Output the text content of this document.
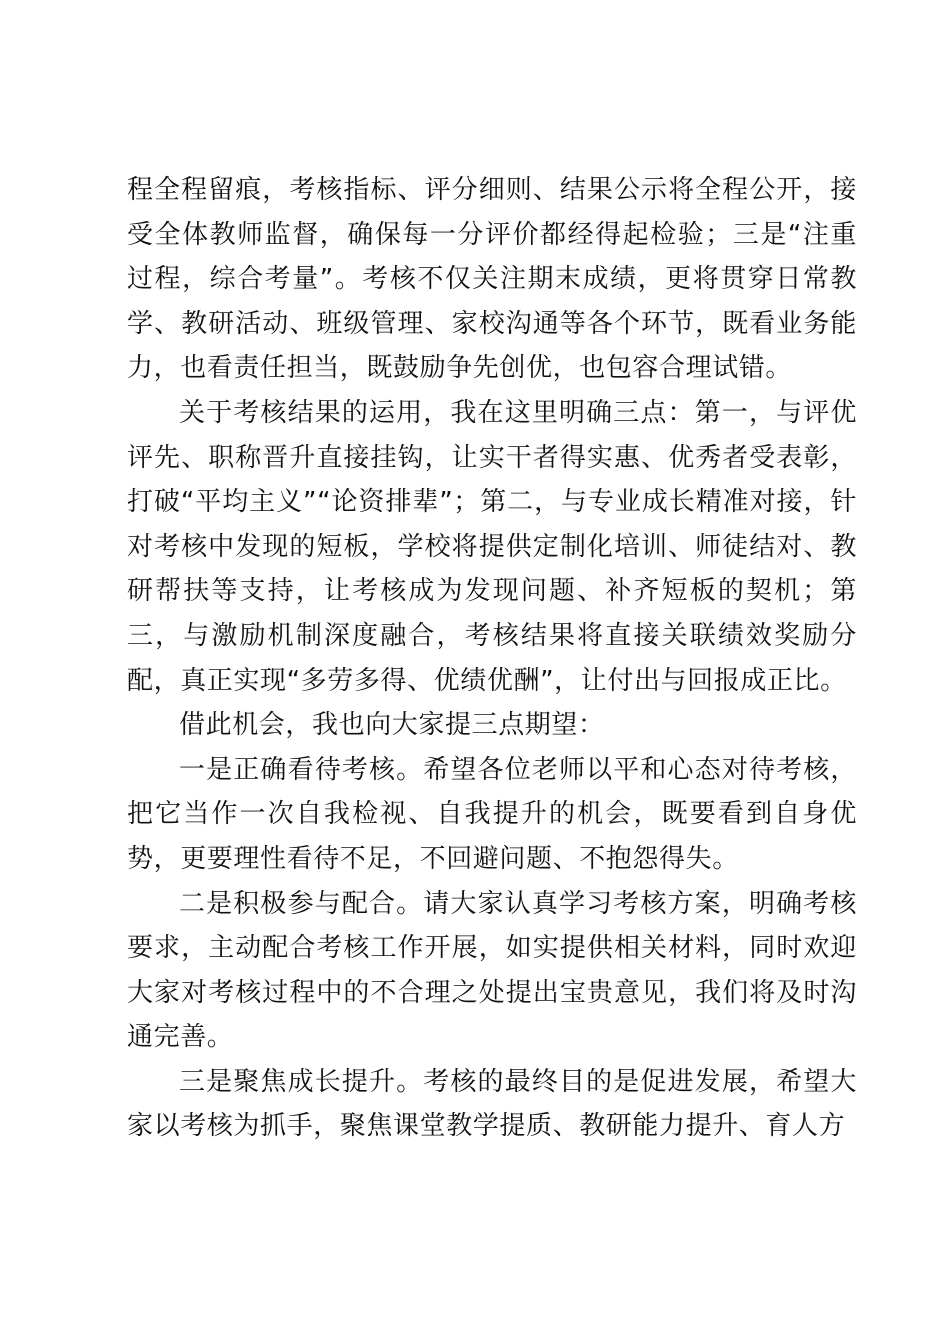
程全程留痕，考核指标、评分细则、结果公示将全程公开，接受全体教师监督，确保每一分评价都经得起检验；三是“注重过程，综合考量”。考核不仅关注期末成绩，更将贯穿日常教学、教研活动、班级管理、家校沟通等各个环节，既看业务能力，也看责任担当，既鼓励争先创优，也包容合理试错。

关于考核结果的运用，我在这里明确三点：第一，与评优评先、职称晋升直接挂钩，让实干者得实惠、优秀者受表彰，打破“平均主义”“论资排辈”；第二，与专业成长精准对接，针对考核中发现的短板，学校将提供定制化培训、师徒结对、教研帮扶等支持，让考核成为发现问题、补齐短板的契机；第三，与激励机制深度融合，考核结果将直接关联绩效奖励分配，真正实现“多劳多得、优绩优酬”，让付出与回报成正比。

借此机会，我也向大家提三点期望：

一是正确看待考核。希望各位老师以平和心态对待考核，把它当作一次自我检视、自我提升的机会，既要看到自身优势，更要理性看待不足，不回避问题、不抱怨得失。

二是积极参与配合。请大家认真学习考核方案，明确考核要求，主动配合考核工作开展，如实提供相关材料，同时欢迎大家对考核过程中的不合理之处提出宝贵意见，我们将及时沟通完善。

三是聚焦成长提升。考核的最终目的是促进发展，希望大家以考核为抓手，聚焦课堂教学提质、教研能力提升、育人方
